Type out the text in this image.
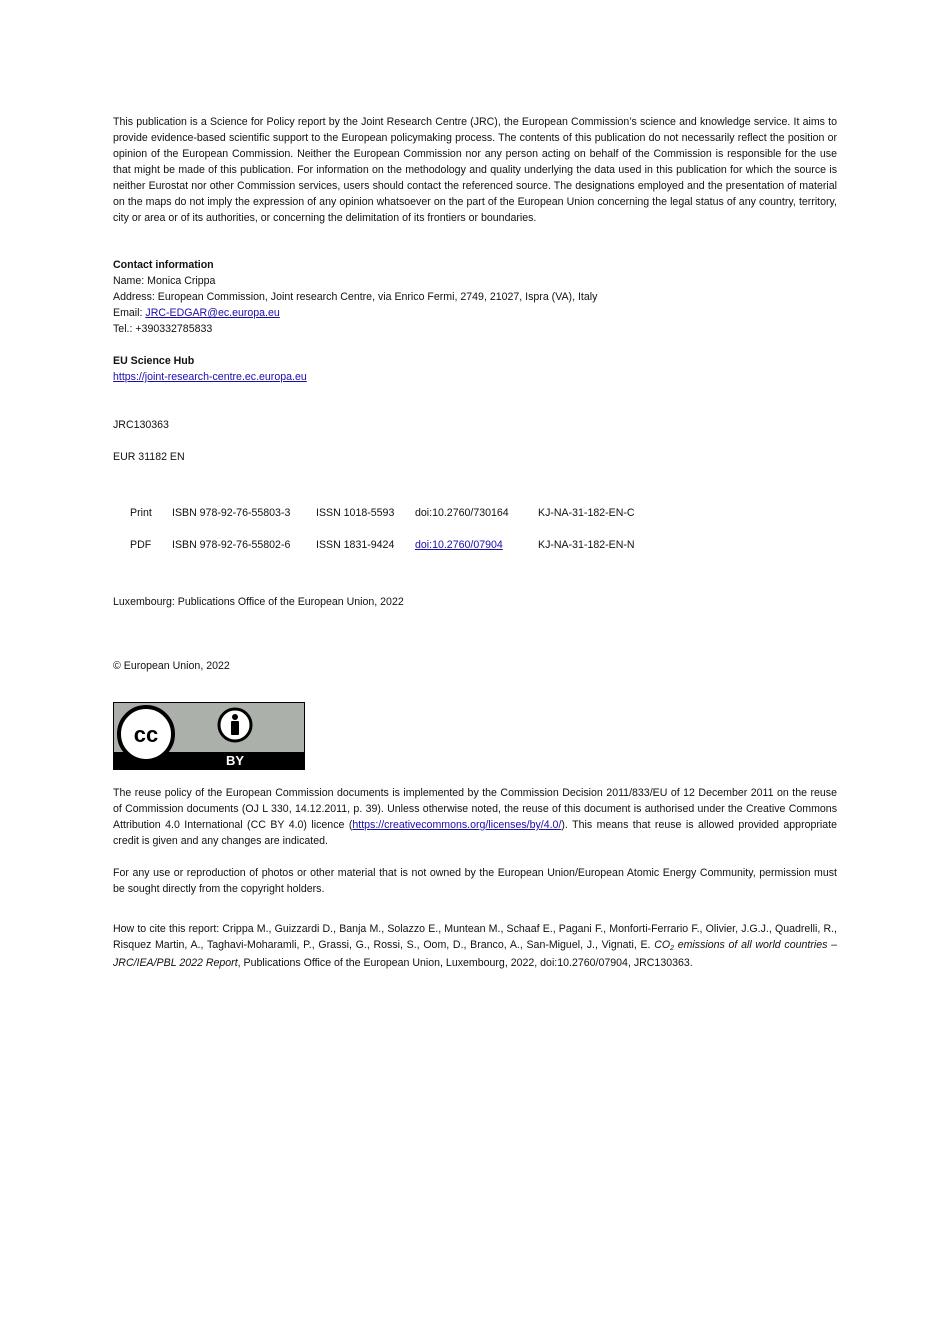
This publication is a Science for Policy report by the Joint Research Centre (JRC), the European Commission’s science and knowledge service. It aims to provide evidence-based scientific support to the European policymaking process. The contents of this publication do not necessarily reflect the position or opinion of the European Commission. Neither the European Commission nor any person acting on behalf of the Commission is responsible for the use that might be made of this publication. For information on the methodology and quality underlying the data used in this publication for which the source is neither Eurostat nor other Commission services, users should contact the referenced source. The designations employed and the presentation of material on the maps do not imply the expression of any opinion whatsoever on the part of the European Union concerning the legal status of any country, territory, city or area or of its authorities, or concerning the delimitation of its frontiers or boundaries.

Contact information

Name: Monica Crippa

Address: European Commission, Joint research Centre, via Enrico Fermi, 2749, 21027, Ispra (VA), Italy

Email: JRC-EDGAR@ec.europa.eu

Tel.: +390332785833

EU Science Hub

https://joint-research-centre.ec.europa.eu

JRC130363

EUR 31182 EN

Print	ISBN 978-92-76-55803-3	ISSN 1018-5593	doi:10.2760/730164	KJ-NA-31-182-EN-C
PDF	ISBN 978-92-76-55802-6	ISSN 1831-9424	doi:10.2760/07904	KJ-NA-31-182-EN-N

Luxembourg: Publications Office of the European Union, 2022

© European Union, 2022

cc
BY

The reuse policy of the European Commission documents is implemented by the Commission Decision 2011/833/EU of 12 December 2011 on the reuse of Commission documents (OJ L 330, 14.12.2011, p. 39). Unless otherwise noted, the reuse of this document is authorised under the Creative Commons Attribution 4.0 International (CC BY 4.0) licence (https://creativecommons.org/licenses/by/4.0/). This means that reuse is allowed provided appropriate credit is given and any changes are indicated.

For any use or reproduction of photos or other material that is not owned by the European Union/European Atomic Energy Community, permission must be sought directly from the copyright holders.

How to cite this report: Crippa M., Guizzardi D., Banja M., Solazzo E., Muntean M., Schaaf E., Pagani F., Monforti-Ferrario F., Olivier, J.G.J., Quadrelli, R., Risquez Martin, A., Taghavi-Moharamli, P., Grassi, G., Rossi, S., Oom, D., Branco, A., San-Miguel, J., Vignati, E. $CO_2$ emissions of all world countries – JRC/IEA/PBL 2022 Report, Publications Office of the European Union, Luxembourg, 2022, doi:10.2760/07904, JRC130363.
